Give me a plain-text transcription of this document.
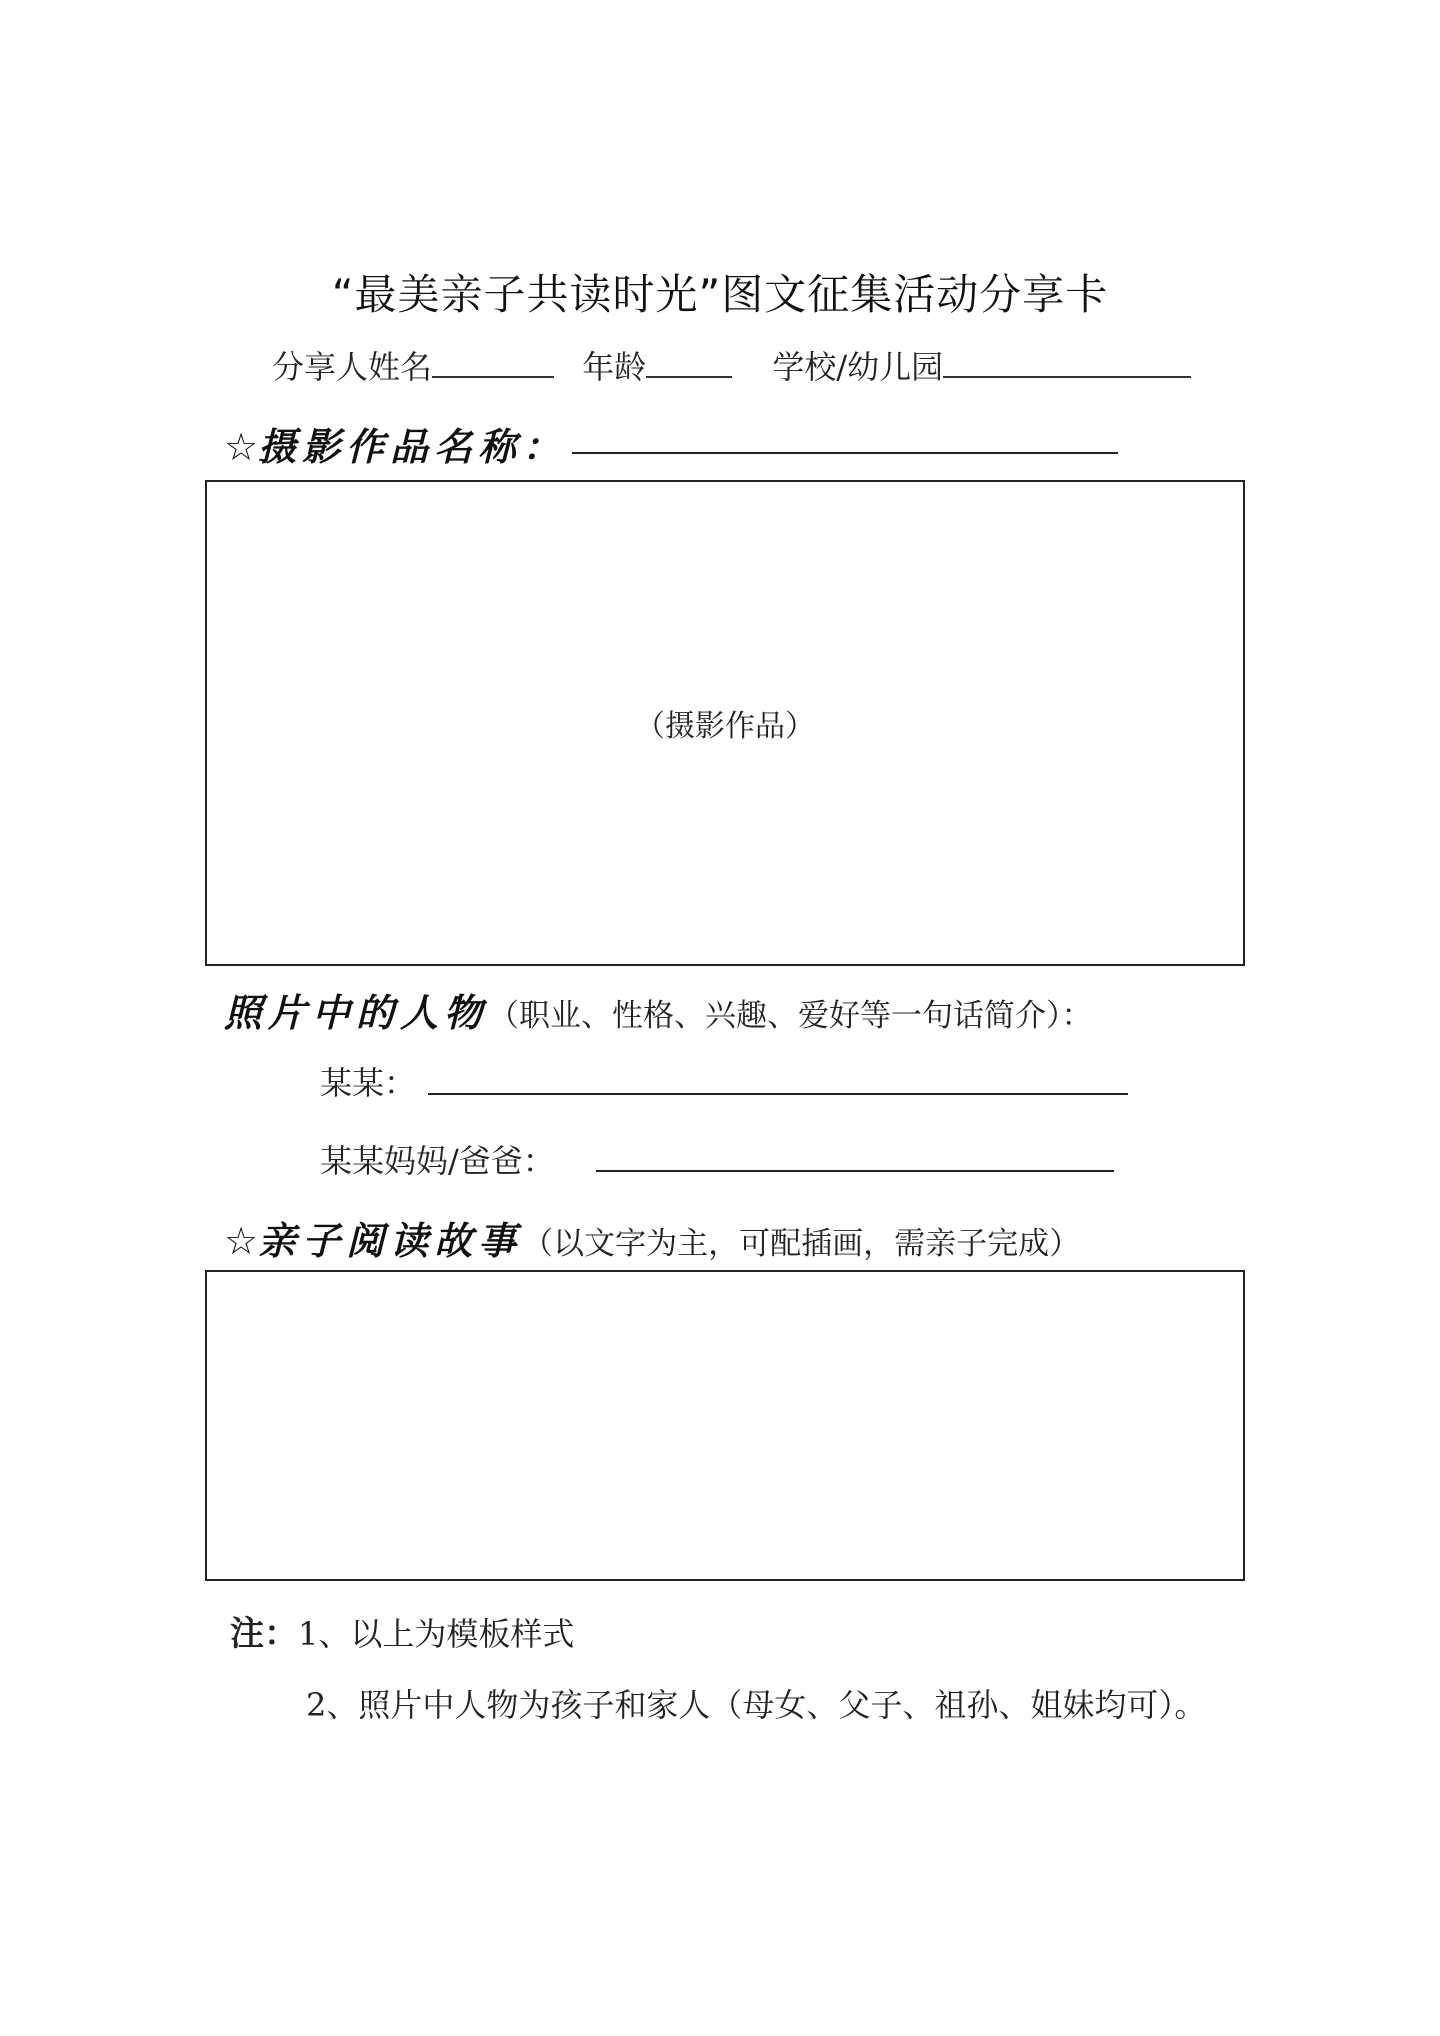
“最美亲子共读时光”图文征集活动分享卡
分享人姓名	年龄	学校/幼儿园
☆摄影作品名称：
（摄影作品）
照片中的人物（职业、性格、兴趣、爱好等一句话简介）：
某某：
某某妈妈/爸爸：
☆亲子阅读故事（以文字为主，可配插画，需亲子完成）
注：1、以上为模板样式
2、照片中人物为孩子和家人（母女、父子、祖孙、姐妹均可）。
